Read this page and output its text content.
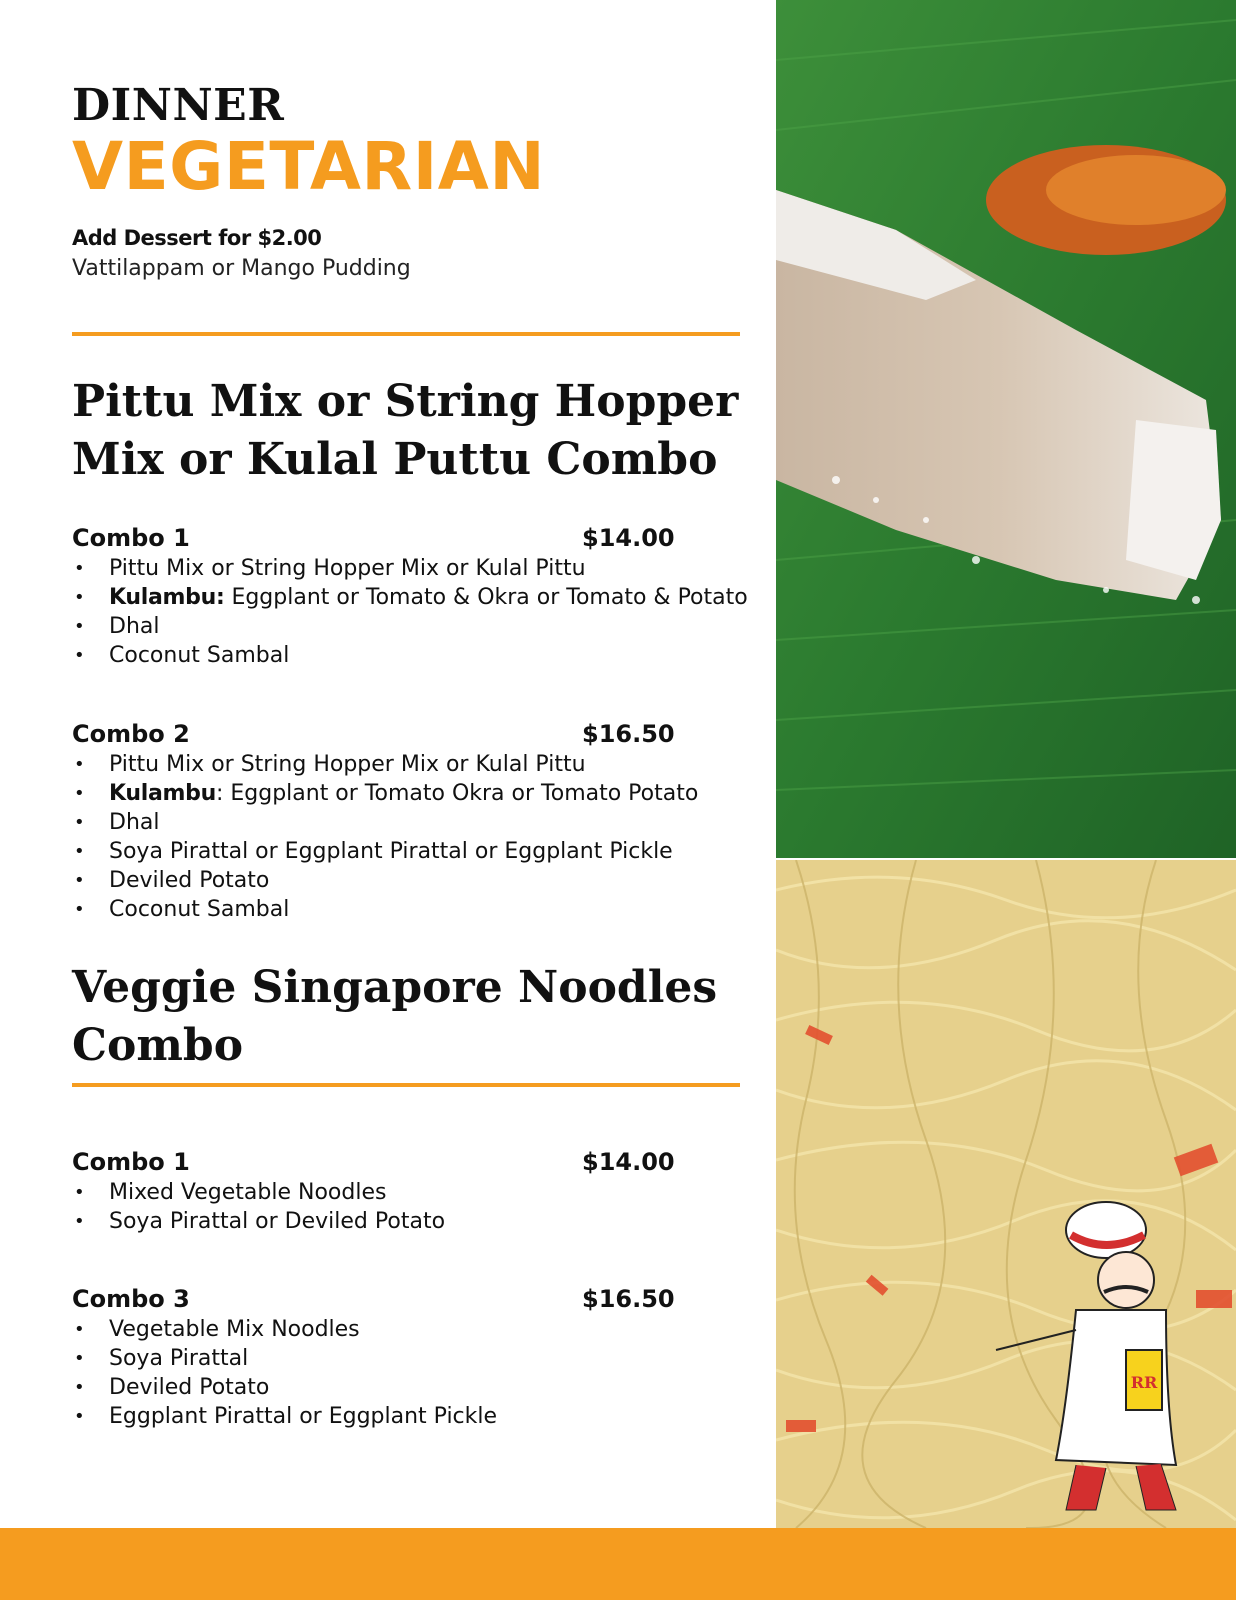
DINNER
VEGETARIAN
Add Dessert for $2.00
Vattilappam or Mango Pudding
Pittu Mix or String Hopper
Mix or Kulal Puttu Combo
Combo 1	$14.00
• Pittu Mix or String Hopper Mix or Kulal Pittu
• Kulambu: Eggplant or Tomato & Okra or Tomato & Potato
• Dhal
• Coconut Sambal
Combo 2	$16.50
• Pittu Mix or String Hopper Mix or Kulal Pittu
• Kulambu: Eggplant or Tomato Okra or Tomato Potato
• Dhal
• Soya Pirattal or Eggplant Pirattal or Eggplant Pickle
• Deviled Potato
• Coconut Sambal
Veggie Singapore Noodles
Combo
Combo 1	$14.00
• Mixed Vegetable Noodles
• Soya Pirattal or Deviled Potato
Combo 3	$16.50
• Vegetable Mix Noodles
• Soya Pirattal
• Deviled Potato
• Eggplant Pirattal or Eggplant Pickle
RR
